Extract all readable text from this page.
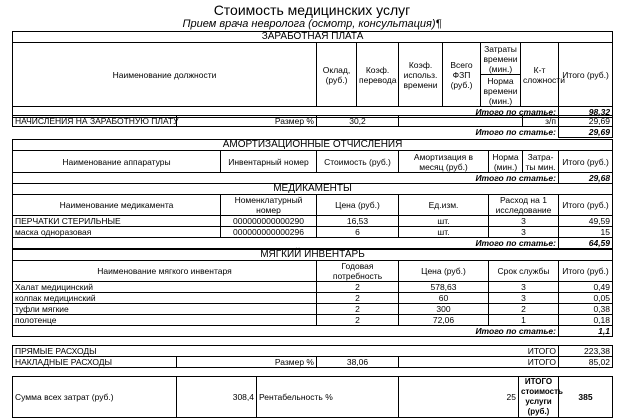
Стоимость медицинских услуг
Прием врача невролога (осмотр, консультация)¶
ЗАРАБОТНАЯ ПЛАТА							
Наименование должности	Оклад, (руб.)	Коэф. перевода	Коэф. использ. времени	Всего ФЗП (руб.)	Затраты времени (мин.)	К-т сложности	Итого (руб.)
					Норма времени (мин.)		
Итого по статье:							98,32
НАЧИСЛЕНИЯ НА ЗАРАБОТНУЮ ПЛАТУ	Размер %	30,2		з/п	29,69
Итого по статье:					29,69
АМОРТИЗАЦИОННЫЕ ОТЧИСЛЕНИЯ						
Наименование аппаратуры	Инвентарный номер	Стоимость (руб.)	Амортизация в месяц (руб.)	Норма (мин.)	Затра- ты мин.	Итого (руб.)
Итого по статье:						29,68
МЕДИКАМЕНТЫ					
Наименование медикамента	Номенклатурный номер	Цена (руб.)	Ед.изм.	Расход на 1 исследование	Итого (руб.)
ПЕРЧАТКИ СТЕРИЛЬНЫЕ	000000000000290	16,53	шт.	3	49,59
маска одноразовая	000000000000296	6	шт.	3	15
Итого по статье:					64,59
МЯГКИЙ ИНВЕНТАРЬ				
Наименование мягкого инвентаря	Годовая потребность	Цена (руб.)	Срок службы	Итого (руб.)
Халат медицинский	2	578,63	3	0,49
колпак медицинский	2	60	3	0,05
туфли мягкие	2	300	2	0,38
полотенце	2	72,06	1	0,18
Итого по статье:				1,1
ПРЯМЫЕ РАСХОДЫ ИТОГО				223,38
НАКЛАДНЫЕ РАСХОДЫ	Размер %	38,06	ИТОГО	85,02
Сумма всех затрат (руб.)	308,4	Рентабельность %	25	ИТОГО стоимость услуги (руб.)	385
